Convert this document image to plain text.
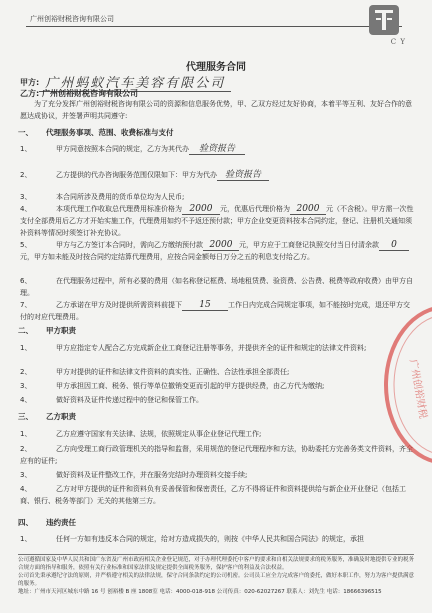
广州创裕财税咨询有限公司
C Y
代理服务合同
甲方: 广州蚂蚁汽车美容有限公司
乙方: 广州创裕财税咨询有限公司
为了充分发挥广州创裕财税咨询有限公司的资源和信息服务优势，甲、乙双方经过友好协商，本着平等互利、友好合作的意愿达成协议，并签署声明共同遵守:
一、 代理服务事项、范围、收费标准与支付
1、	甲方同意按照本合同的规定，乙方为其代办 验资报告
2、	乙方提供的代办咨询服务范围仅限如下：甲方为代办 验资报告
3、	本合同所涉及费用的货币单位均为人民币;
4、	本项代理工作收取总代理费用标准价格为 2000 元，优惠后代理价格为 2000 元（不含税）。甲方需一次性支付全部费用后乙方才开始实施工作，代理费用如约不予返还预付款；甲方企业变更资料按本合同约定，登记、注册机关通知须补资料等情况时须签订补充协议。
5、	甲方与乙方签订本合同时，需向乙方缴纳预付款 2000 元，甲方应于工商登记执照交付当日付清余款 0元，甲方如未能及时按合同约定结算代理费用，应按合同金额每日万分之五的利息支付给乙方。
6、	在代理服务过程中，所有必要的费用（如名称登记框费、场地租赁费、验资费、公告费、税费等政府收费）由甲方自理。
7、	乙方承诺在甲方及时提供所需资料前提下 15 工作日内完成合同规定事项，如不能按时完成，退还甲方交付的对应代理费用。
二、 甲方职责
1、	甲方应指定专人配合乙方完成新企业工商登记注册等事务，并提供齐全的证件和规定的法律文件资料;
2、	甲方对提供的证件和法律文件资料的真实性、正确性、合法性承担全部责任;
3、	甲方承担因工商、税务、银行等单位撤销变更而引起的甲方提供经费，由乙方代为缴纳;
4、	做好资料及证件传递过程中的登记和保管工作。
三、 乙方职责
1、	乙方应遵守国家有关法律、法规，依照规定从事企业登记代理工作;
2、	乙方向受理工商行政管理机关的指导和监督，采用规范的登记代理程序和方法，协助委托方完善务类文件资料，齐全应有的证件;
3、	做好资料及证件整改工作，并在服务完结时办理资料交接手续;
4、	乙方对甲方提供的证件和资料负有妥善保管和保密责任，乙方不得将证件和资料提供给与新企业开业登记（包括工商、银行、税务等部门）无关的其他第三方。
四、 违约责任
1、	任何一方如有违反本合同的规定，给对方造成损失的，则按《中华人民共和国合同法》的规定，承担
公司遵循国家及中华人民共和国广东省及广州市政府相关企业登记规范，对于办理代理委托中客户的要求和自相关法规要求的税务服务，准确及时地提供专业的税务合规方面的指导和服务，依照有关行业标准和国家法律及规定提供全面税务服务，保护客户的利益及合法权益。
公司首先秉承遵纪守法的原则，并严格遵守相关的法律法规，保守合同条款约定的公司机密。公司员工应全力完成客户的委托，做好本职工作，努力为客户提供满意的服务。
地址：广州市天河区城东中路 16 号 创裕楼 B 座 1808室 电话：4000-018-918 公司传真：020-62027267 联系人：刘先生 电话：18666396515
广州创裕财税
